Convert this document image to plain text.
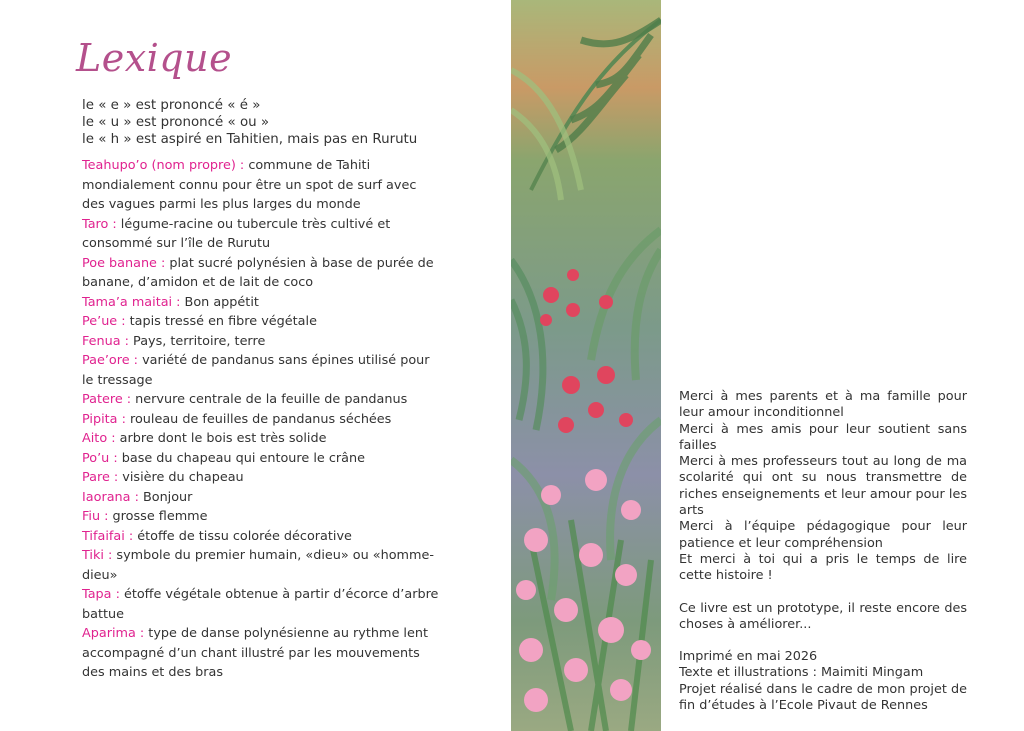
Lexique
le « e » est prononcé « é »
le « u » est prononcé « ou »
le « h » est aspiré en Tahitien, mais pas en Rurutu
Teahupo’o (nom propre) : commune de Tahiti mondialement connu pour être un spot de surf avec des vagues parmi les plus larges du monde
Taro : légume-racine ou tubercule très cultivé et consommé sur l’île de Rurutu
Poe banane : plat sucré polynésien à base de purée de banane, d’amidon et de lait de coco
Tama’a maitai : Bon appétit
Pe’ue : tapis tressé en fibre végétale
Fenua : Pays, territoire, terre
Pae’ore : variété de pandanus sans épines utilisé pour le tressage
Patere : nervure centrale de la feuille de pandanus
Pipita : rouleau de feuilles de pandanus séchées
Aito : arbre dont le bois est très solide
Po’u : base du chapeau qui entoure le crâne
Pare : visière du chapeau
Iaorana : Bonjour
Fiu : grosse flemme
Tifaifai : étoffe de tissu colorée décorative
Tiki : symbole du premier humain, «dieu» ou «homme-dieu»
Tapa : étoffe végétale obtenue à partir d’écorce d’arbre battue
Aparima : type de danse polynésienne au rythme lent accompagné d’un chant illustré par les mouvements des mains et des bras
Merci à mes parents et à ma famille pour leur amour inconditionnel
Merci à mes amis pour leur soutient sans failles
Merci à mes professeurs tout au long de ma scolarité qui ont su nous transmettre de riches enseignements et leur amour pour les arts
Merci à l’équipe pédagogique pour leur patience et leur compréhension
Et merci à toi qui a pris le temps de lire cette histoire !
Ce livre est un prototype, il reste encore des choses à améliorer...
Imprimé en mai 2026
Texte et illustrations : Maimiti Mingam
Projet réalisé dans le cadre de mon projet de fin d’études à l’Ecole Pivaut de Rennes
